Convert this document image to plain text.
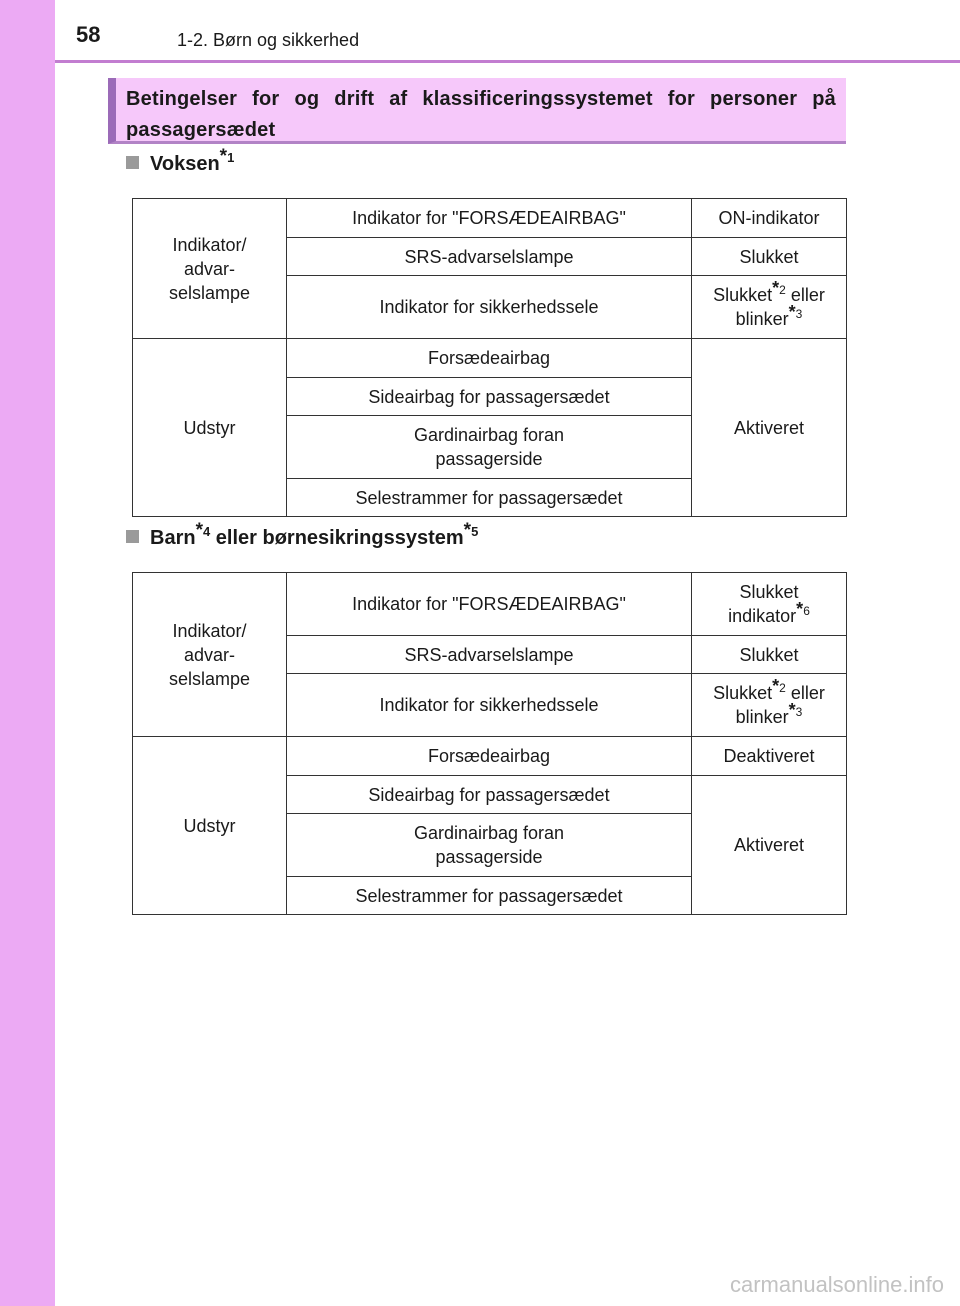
58	1-2. Børn og sikkerhed
Betingelser for og drift af klassificeringssystemet for personer på passagersædet
Voksen$^{*1}$
Indikator/ advar- selslampe	Indikator for "FORSÆDEAIRBAG"	ON-indikator
	SRS-advarselslampe	Slukket
	Indikator for sikkerhedssele	Slukket$^{*2}$ eller
blinker$^{*3}$
Udstyr	Forsædeairbag	Aktiveret
	Sideairbag for passagersædet	

	Gardinairbag foran passagerside	

	Selestrammer for passagersædet	
Barn$^{*4}$ eller børnesikringssystem$^{*5}$
Indikator/ advar- selslampe	Indikator for "FORSÆDEAIRBAG"	Slukket indikator$^{*6}$

	SRS-advarselslampe	Slukket
	Indikator for sikkerhedssele	Slukket$^{*2}$ eller
blinker$^{*3}$
Udstyr	Forsædeairbag	Deaktiveret
	Sideairbag for passagersædet	Aktiveret

	Gardinairbag foran passagerside	

	Selestrammer for passagersædet	
carmanualsonline.info
